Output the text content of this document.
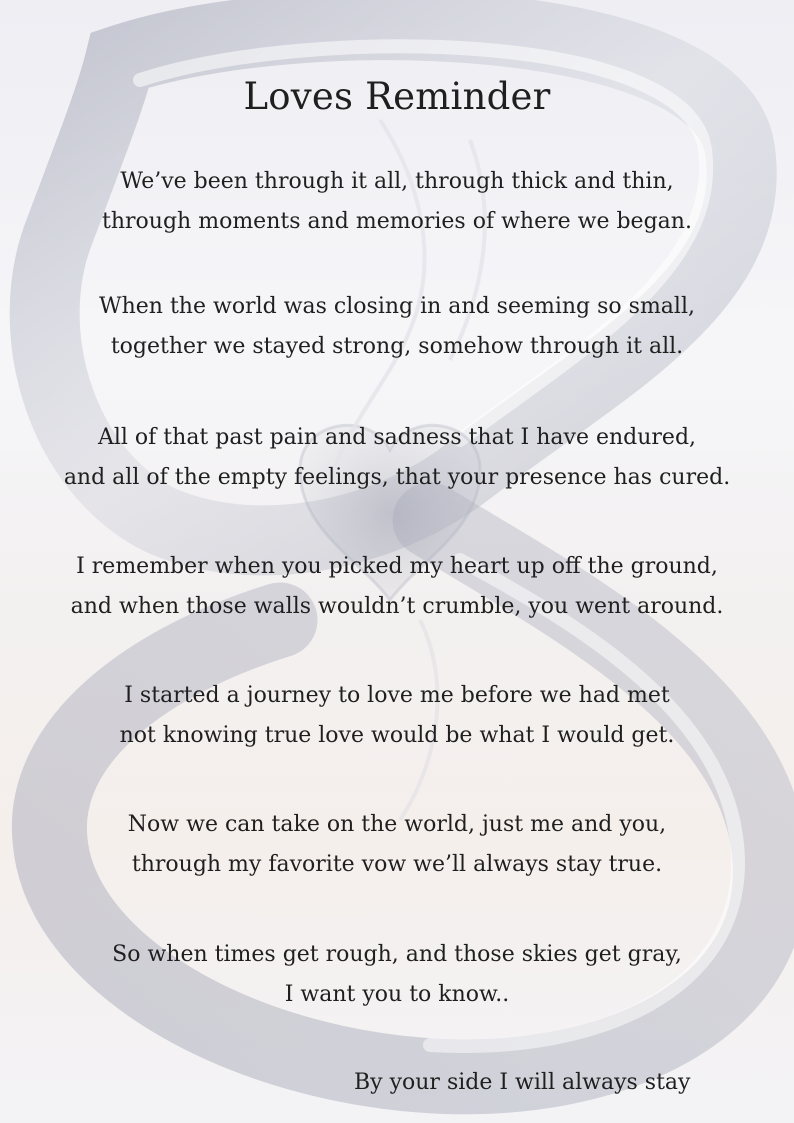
Loves Reminder
We’ve been through it all, through thick and thin,
through moments and memories of where we began.
When the world was closing in and seeming so small,
together we stayed strong, somehow through it all.
All of that past pain and sadness that I have endured,
and all of the empty feelings, that your presence has cured.
I remember when you picked my heart up off the ground,
and when those walls wouldn’t crumble, you went around.
I started a journey to love me before we had met
not knowing true love would be what I would get.
Now we can take on the world, just me and you,
through my favorite vow we’ll always stay true.
So when times get rough, and those skies get gray,
I want you to know..
By your side I will always stay
